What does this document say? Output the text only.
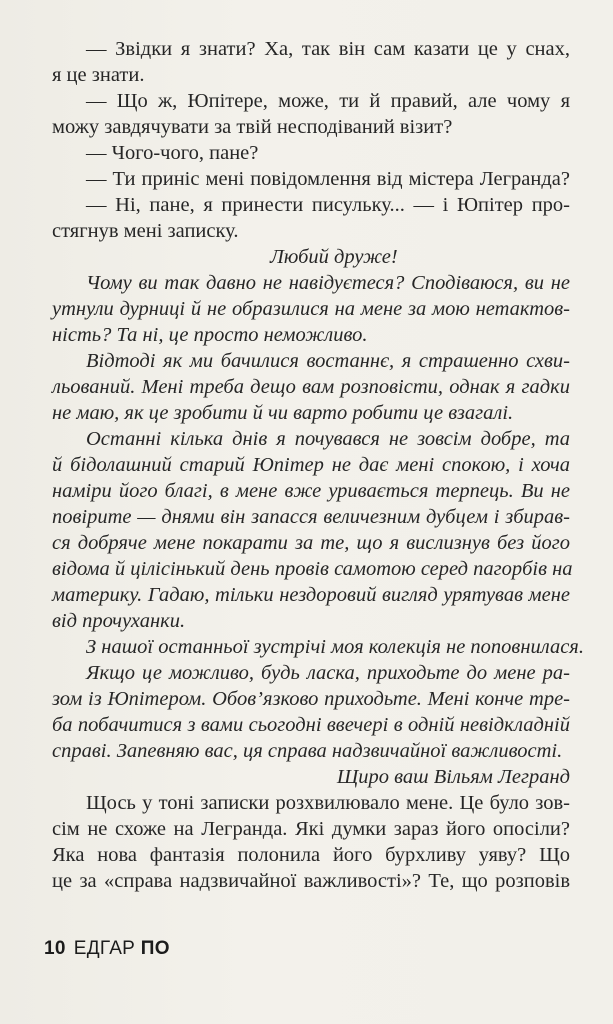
— Звідки я знати? Ха, так він сам казати це у снах,
я це знати.
— Що ж, Юпітере, може, ти й правий, але чому я
можу завдячувати за твій несподіваний візит?
— Чого-чого, пане?
— Ти приніс мені повідомлення від містера Легранда?
— Ні, пане, я принести писульку... — і Юпітер про-
стягнув мені записку.
Любий друже!
Чому ви так давно не навідуєтеся? Сподіваюся, ви не
утнули дурниці й не образилися на мене за мою нетактов-
ність? Та ні, це просто неможливо.
Відтоді як ми бачилися востаннє, я страшенно схви-
льований. Мені треба дещо вам розповісти, однак я гадки
не маю, як це зробити й чи варто робити це взагалі.
Останні кілька днів я почувався не зовсім добре, та
й бідолашний старий Юпітер не дає мені спокою, і хоча
наміри його благі, в мене вже уривається терпець. Ви не
повірите — днями він запасся величезним дубцем і збирав-
ся добряче мене покарати за те, що я вислизнув без його
відома й цілісінький день провів самотою серед пагорбів на
материку. Гадаю, тільки нездоровий вигляд урятував мене
від прочуханки.
З нашої останньої зустрічі моя колекція не поповнилася.
Якщо це можливо, будь ласка, приходьте до мене ра-
зом із Юпітером. Обов’язково приходьте. Мені конче тре-
ба побачитися з вами сьогодні ввечері в одній невідкладній
справі. Запевняю вас, ця справа надзвичайної важливості.
Щиро ваш Вільям Легранд
Щось у тоні записки розхвилювало мене. Це було зов-
сім не схоже на Легранда. Які думки зараз його опосіли?
Яка нова фантазія полонила його бурхливу уяву? Що
це за «справа надзвичайної важливості»? Те, що розповів
10 ЕДГАР ПО
